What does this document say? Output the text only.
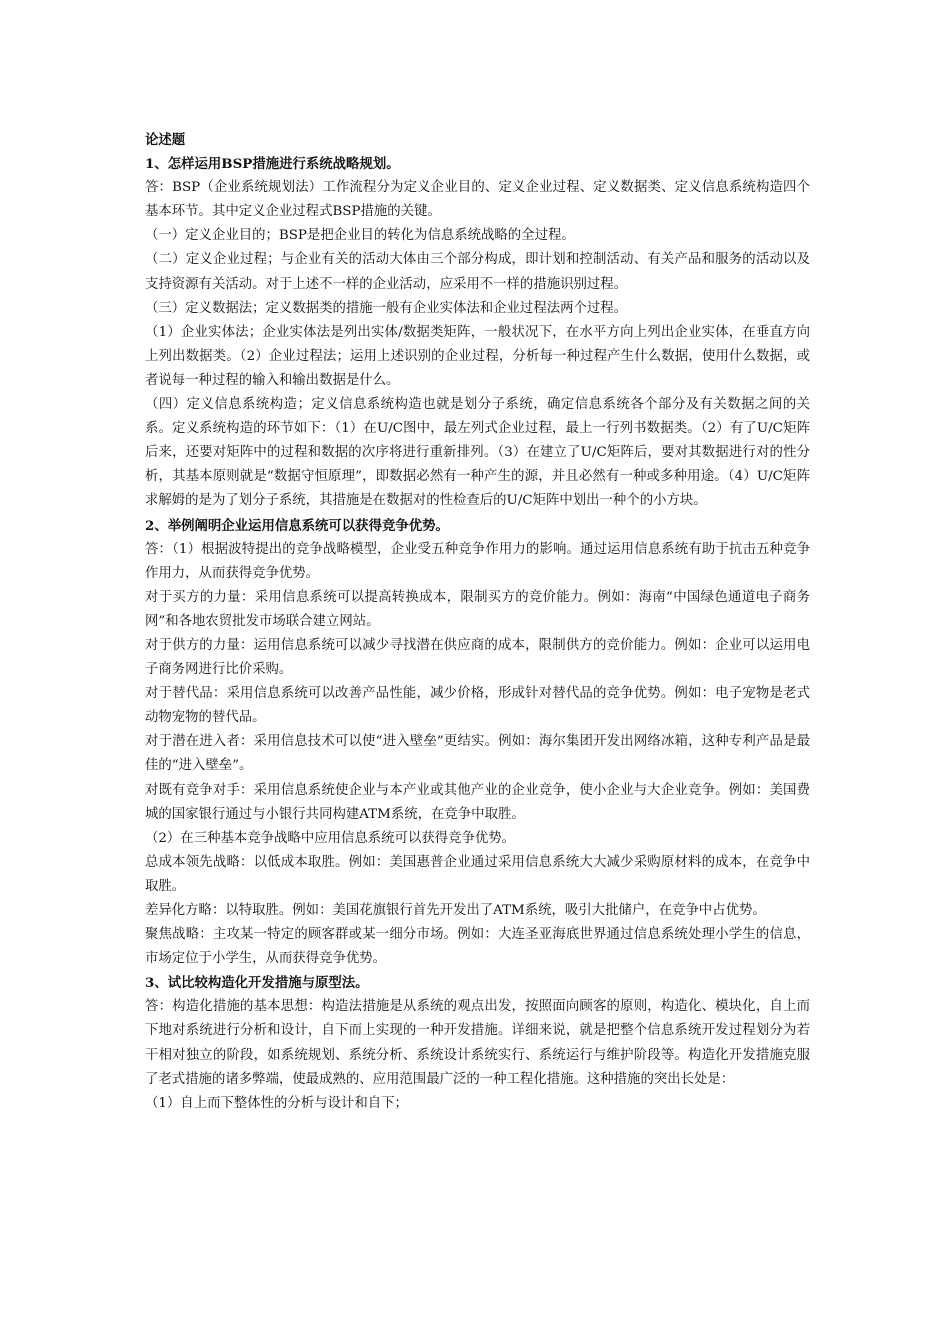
论述题

1、怎样运用BSP措施进行系统战略规划。

答：BSP（企业系统规划法）工作流程分为定义企业目的、定义企业过程、定义数据类、定义信息系统构造四个基本环节。其中定义企业过程式BSP措施的关键。

（一）定义企业目的；BSP是把企业目的转化为信息系统战略的全过程。

（二）定义企业过程；与企业有关的活动大体由三个部分构成，即计划和控制活动、有关产品和服务的活动以及支持资源有关活动。对于上述不一样的企业活动，应采用不一样的措施识别过程。

（三）定义数据法；定义数据类的措施一般有企业实体法和企业过程法两个过程。

（1）企业实体法；企业实体法是列出实体/数据类矩阵，一般状况下，在水平方向上列出企业实体，在垂直方向上列出数据类。（2）企业过程法；运用上述识别的企业过程，分析每一种过程产生什么数据，使用什么数据，或者说每一种过程的输入和输出数据是什么。

（四）定义信息系统构造；定义信息系统构造也就是划分子系统，确定信息系统各个部分及有关数据之间的关系。定义系统构造的环节如下：（1）在U/C图中，最左列式企业过程，最上一行列书数据类。（2）有了U/C矩阵后来，还要对矩阵中的过程和数据的次序将进行重新排列。（3）在建立了U/C矩阵后，要对其数据进行对的性分析，其基本原则就是“数据守恒原理”，即数据必然有一种产生的源，并且必然有一种或多种用途。（4）U/C矩阵求解姆的是为了划分子系统，其措施是在数据对的性检查后的U/C矩阵中划出一种个的小方块。

2、举例阐明企业运用信息系统可以获得竞争优势。

答：（1）根据波特提出的竞争战略模型，企业受五种竞争作用力的影响。通过运用信息系统有助于抗击五种竞争作用力，从而获得竞争优势。

对于买方的力量：采用信息系统可以提高转换成本，限制买方的竞价能力。例如：海南“中国绿色通道电子商务网”和各地农贸批发市场联合建立网站。

对于供方的力量：运用信息系统可以减少寻找潜在供应商的成本，限制供方的竞价能力。例如：企业可以运用电子商务网进行比价采购。

对于替代品：采用信息系统可以改善产品性能，减少价格，形成针对替代品的竞争优势。例如：电子宠物是老式动物宠物的替代品。

对于潜在进入者：采用信息技术可以使“进入壁垒”更结实。例如：海尔集团开发出网络冰箱，这种专利产品是最佳的“进入壁垒”。

对既有竞争对手：采用信息系统使企业与本产业或其他产业的企业竞争，使小企业与大企业竞争。例如：美国费城的国家银行通过与小银行共同构建ATM系统，在竞争中取胜。

（2）在三种基本竞争战略中应用信息系统可以获得竞争优势。

总成本领先战略：以低成本取胜。例如：美国惠普企业通过采用信息系统大大减少采购原材料的成本，在竞争中取胜。

差异化方略：以特取胜。例如：美国花旗银行首先开发出了ATM系统，吸引大批储户，在竞争中占优势。

聚焦战略：主攻某一特定的顾客群或某一细分市场。例如：大连圣亚海底世界通过信息系统处理小学生的信息，市场定位于小学生，从而获得竞争优势。

3、试比较构造化开发措施与原型法。

答：构造化措施的基本思想：构造法措施是从系统的观点出发，按照面向顾客的原则，构造化、模块化，自上而下地对系统进行分析和设计，自下而上实现的一种开发措施。详细来说，就是把整个信息系统开发过程划分为若干相对独立的阶段，如系统规划、系统分析、系统设计系统实行、系统运行与维护阶段等。构造化开发措施克服了老式措施的诸多弊端，使最成熟的、应用范围最广泛的一种工程化措施。这种措施的突出长处是：

（1）自上而下整体性的分析与设计和自下；
